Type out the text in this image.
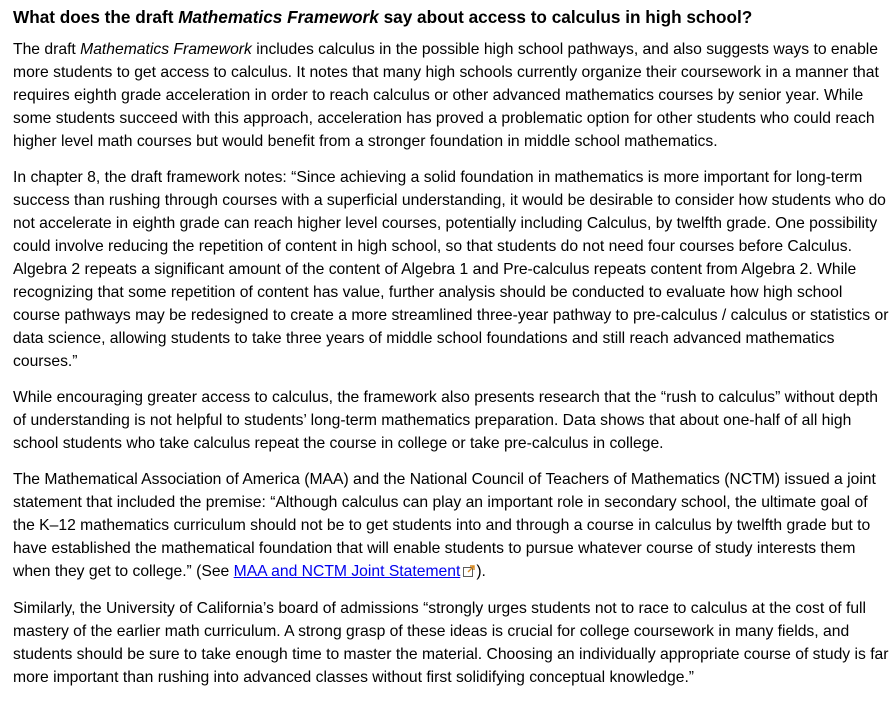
What does the draft Mathematics Framework say about access to calculus in high school?

The draft Mathematics Framework includes calculus in the possible high school pathways, and also suggests ways to enable more students to get access to calculus. It notes that many high schools currently organize their coursework in a manner that requires eighth grade acceleration in order to reach calculus or other advanced mathematics courses by senior year. While some students succeed with this approach, acceleration has proved a problematic option for other students who could reach higher level math courses but would benefit from a stronger foundation in middle school mathematics.

In chapter 8, the draft framework notes: “Since achieving a solid foundation in mathematics is more important for long-term success than rushing through courses with a superficial understanding, it would be desirable to consider how students who do not accelerate in eighth grade can reach higher level courses, potentially including Calculus, by twelfth grade. One possibility could involve reducing the repetition of content in high school, so that students do not need four courses before Calculus. Algebra 2 repeats a significant amount of the content of Algebra 1 and Pre-calculus repeats content from Algebra 2. While recognizing that some repetition of content has value, further analysis should be conducted to evaluate how high school course pathways may be redesigned to create a more streamlined three-year pathway to pre-calculus / calculus or statistics or data science, allowing students to take three years of middle school foundations and still reach advanced mathematics courses.”

While encouraging greater access to calculus, the framework also presents research that the “rush to calculus” without depth of understanding is not helpful to students’ long-term mathematics preparation. Data shows that about one-half of all high school students who take calculus repeat the course in college or take pre-calculus in college.

The Mathematical Association of America (MAA) and the National Council of Teachers of Mathematics (NCTM) issued a joint statement that included the premise: “Although calculus can play an important role in secondary school, the ultimate goal of the K–12 mathematics curriculum should not be to get students into and through a course in calculus by twelfth grade but to have established the mathematical foundation that will enable students to pursue whatever course of study interests them when they get to college.” (See MAA and NCTM Joint Statement ).

Similarly, the University of California’s board of admissions “strongly urges students not to race to calculus at the cost of full mastery of the earlier math curriculum. A strong grasp of these ideas is crucial for college coursework in many fields, and students should be sure to take enough time to master the material. Choosing an individually appropriate course of study is far more important than rushing into advanced classes without first solidifying conceptual knowledge.”
